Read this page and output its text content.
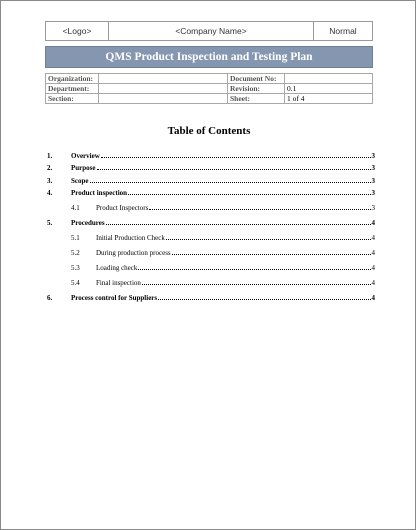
<Logo>	<Company Name>	Normal
QMS Product Inspection and Testing Plan
Organization:		Document No:	
Department:		Revision:	0.1
Section:		Sheet:	1 of 4
Table of Contents
1.	Overview	3
2.	Purpose	3
3.	Scope	3
4.	Product inspection	3
4.1 Product Inspectors	3
5.	Procedures	4
5.1 Initial Production Check	4
5.2 During production process	4
5.3 Loading check	4
5.4 Final inspection	4
6.	Process control for Suppliers	4
